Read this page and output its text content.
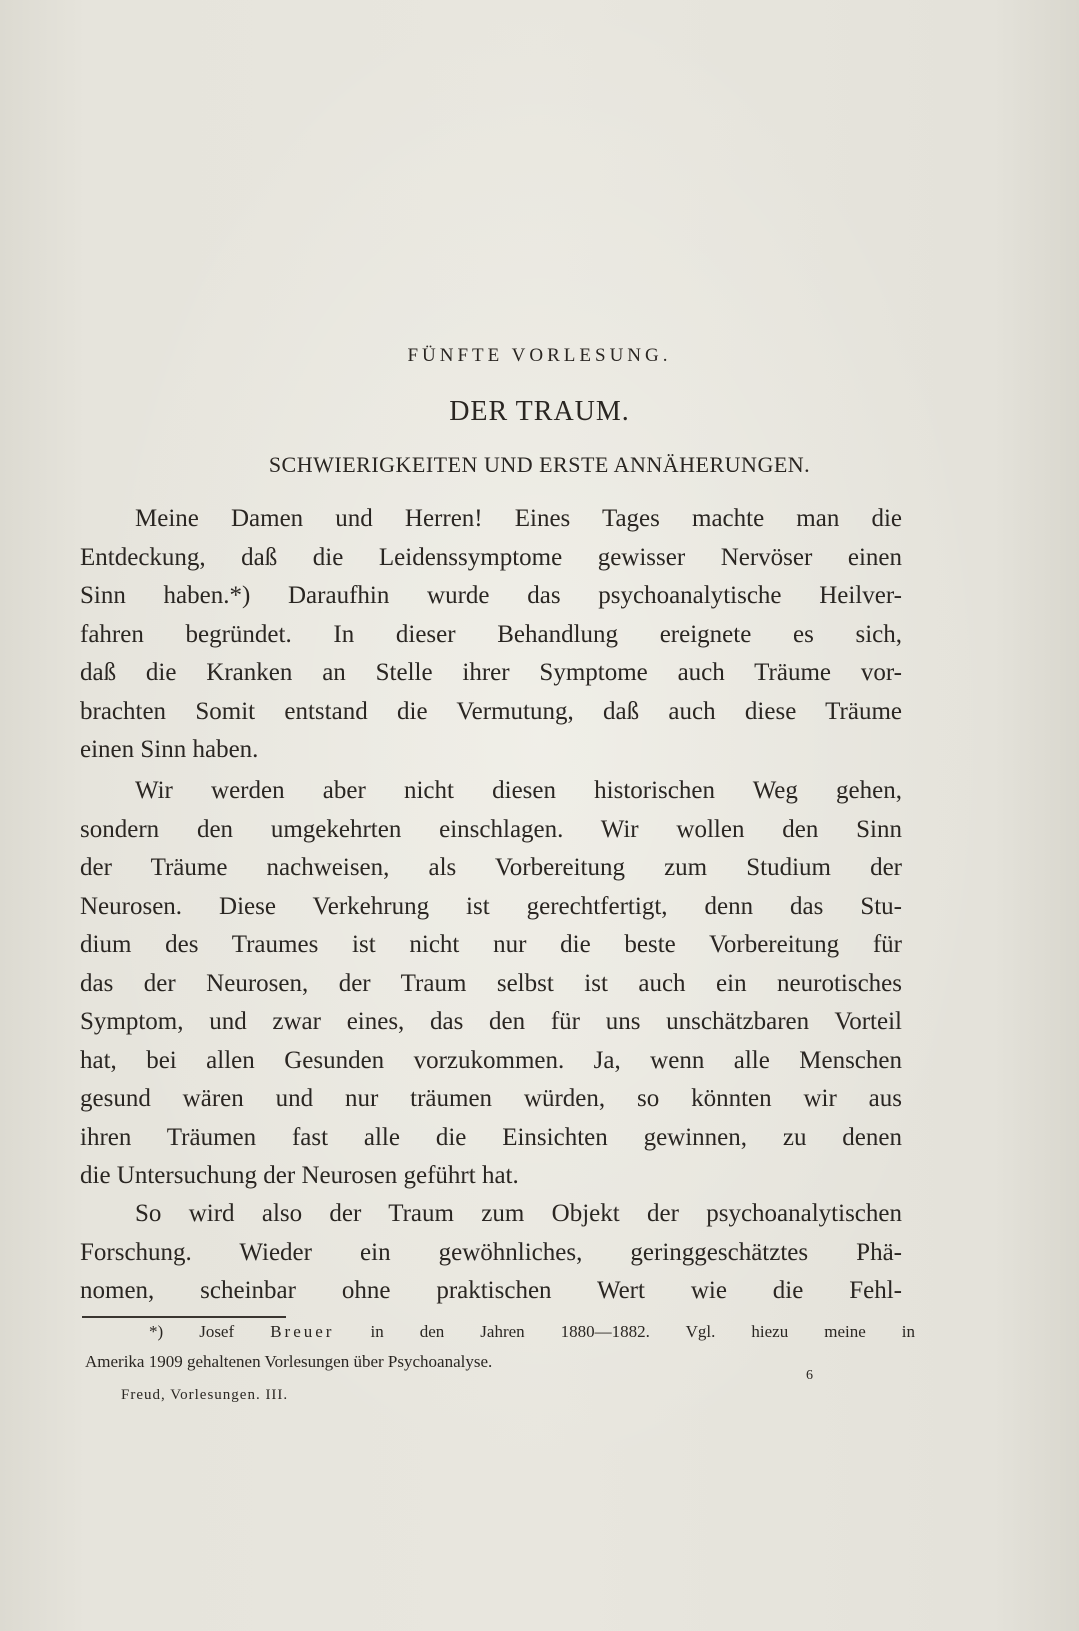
FÜNFTE VORLESUNG.
DER TRAUM.
SCHWIERIGKEITEN UND ERSTE ANNÄHERUNGEN.
Meine Damen und Herren! Eines Tages machte man die
Entdeckung, daß die Leidenssymptome gewisser Nervöser einen
Sinn haben.*) Daraufhin wurde das psychoanalytische Heilver-
fahren begründet. In dieser Behandlung ereignete es sich,
daß die Kranken an Stelle ihrer Symptome auch Träume vor-
brachten Somit entstand die Vermutung, daß auch diese Träume
einen Sinn haben.
Wir werden aber nicht diesen historischen Weg gehen,
sondern den umgekehrten einschlagen. Wir wollen den Sinn
der Träume nachweisen, als Vorbereitung zum Studium der
Neurosen. Diese Verkehrung ist gerechtfertigt, denn das Stu-
dium des Traumes ist nicht nur die beste Vorbereitung für
das der Neurosen, der Traum selbst ist auch ein neurotisches
Symptom, und zwar eines, das den für uns unschätzbaren Vorteil
hat, bei allen Gesunden vorzukommen. Ja, wenn alle Menschen
gesund wären und nur träumen würden, so könnten wir aus
ihren Träumen fast alle die Einsichten gewinnen, zu denen
die Untersuchung der Neurosen geführt hat.
So wird also der Traum zum Objekt der psychoanalytischen
Forschung. Wieder ein gewöhnliches, geringgeschätztes Phä-
nomen, scheinbar ohne praktischen Wert wie die Fehl-
*) Josef Breuer in den Jahren 1880—1882. Vgl. hiezu meine in
Amerika 1909 gehaltenen Vorlesungen über Psychoanalyse.
6
Freud, Vorlesungen. III.
